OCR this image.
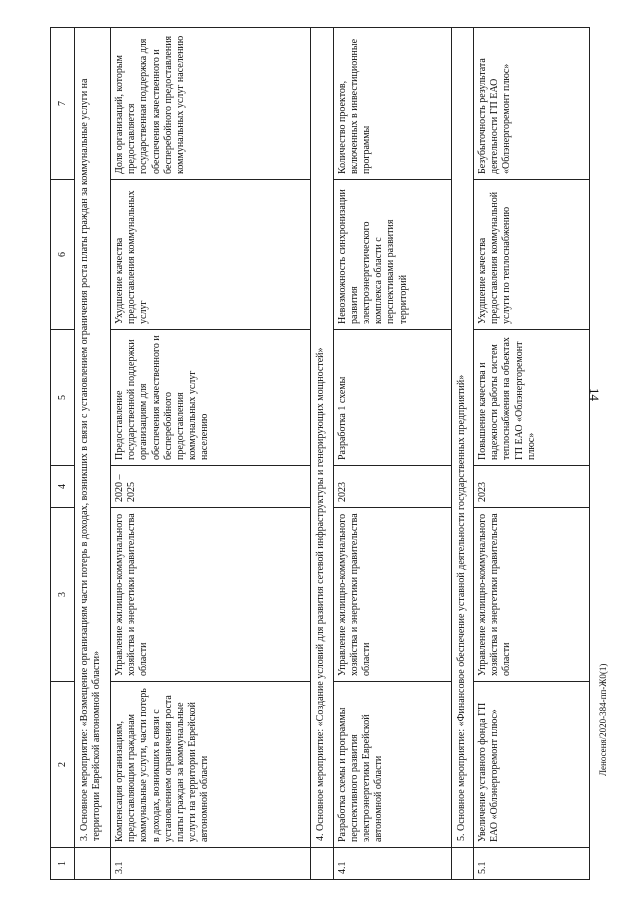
14
Леносеня/2020-384-пп-Ж0(1)
1	2	3	4	5	6	7
	3. Основное мероприятие: «Возмещение организациям части потерь в доходах, возникших в связи с установлением ограничения роста платы граждан за коммунальные услуги на территории Еврейской автономной области»					
3.1	Компенсация организациям, предоставляющим гражданам коммунальные услуги, части потерь в доходах, возникших в связи с установлением ограничения роста платы граждан за коммунальные услуги на территории Еврейской автономной области	Управление жилищно-коммунального хозяйства и энергетики правительства области	2020 – 2025	Предоставление государственной поддержки организациям для обеспечения качественного и бесперебойного предоставления коммунальных услуг населению	Ухудшение качества предоставления коммунальных услуг	Доля организаций, которым предоставляется государственная поддержка для обеспечения качественного и бесперебойного предоставления коммунальных услуг населению
	4. Основное мероприятие: «Создание условий для развития сетевой инфраструктуры и генерирующих мощностей»					
4.1	Разработка схемы и программы перспективного развития электроэнергетики Еврейской автономной области	Управление жилищно-коммунального хозяйства и энергетики правительства области	2023	Разработка 1 схемы	Невозможность синхронизации развития электроэнергетического комплекса области с перспективами развития территорий	Количество проектов, включенных в инвестиционные программы
	5. Основное мероприятие: «Финансовое обеспечение уставной деятельности государственных предприятий»					
5.1	Увеличение уставного фонда ГП ЕАО «Облэнергоремонт плюс»	Управление жилищно-коммунального хозяйства и энергетики правительства области	2023	Повышение качества и надежности работы систем теплоснабжения на объектах ГП ЕАО «Облэнергоремонт плюс»	Ухудшение качества предоставления коммунальной услуги по теплоснабжению	Безубыточность результата деятельности ГП ЕАО «Облэнергоремонт плюс»
